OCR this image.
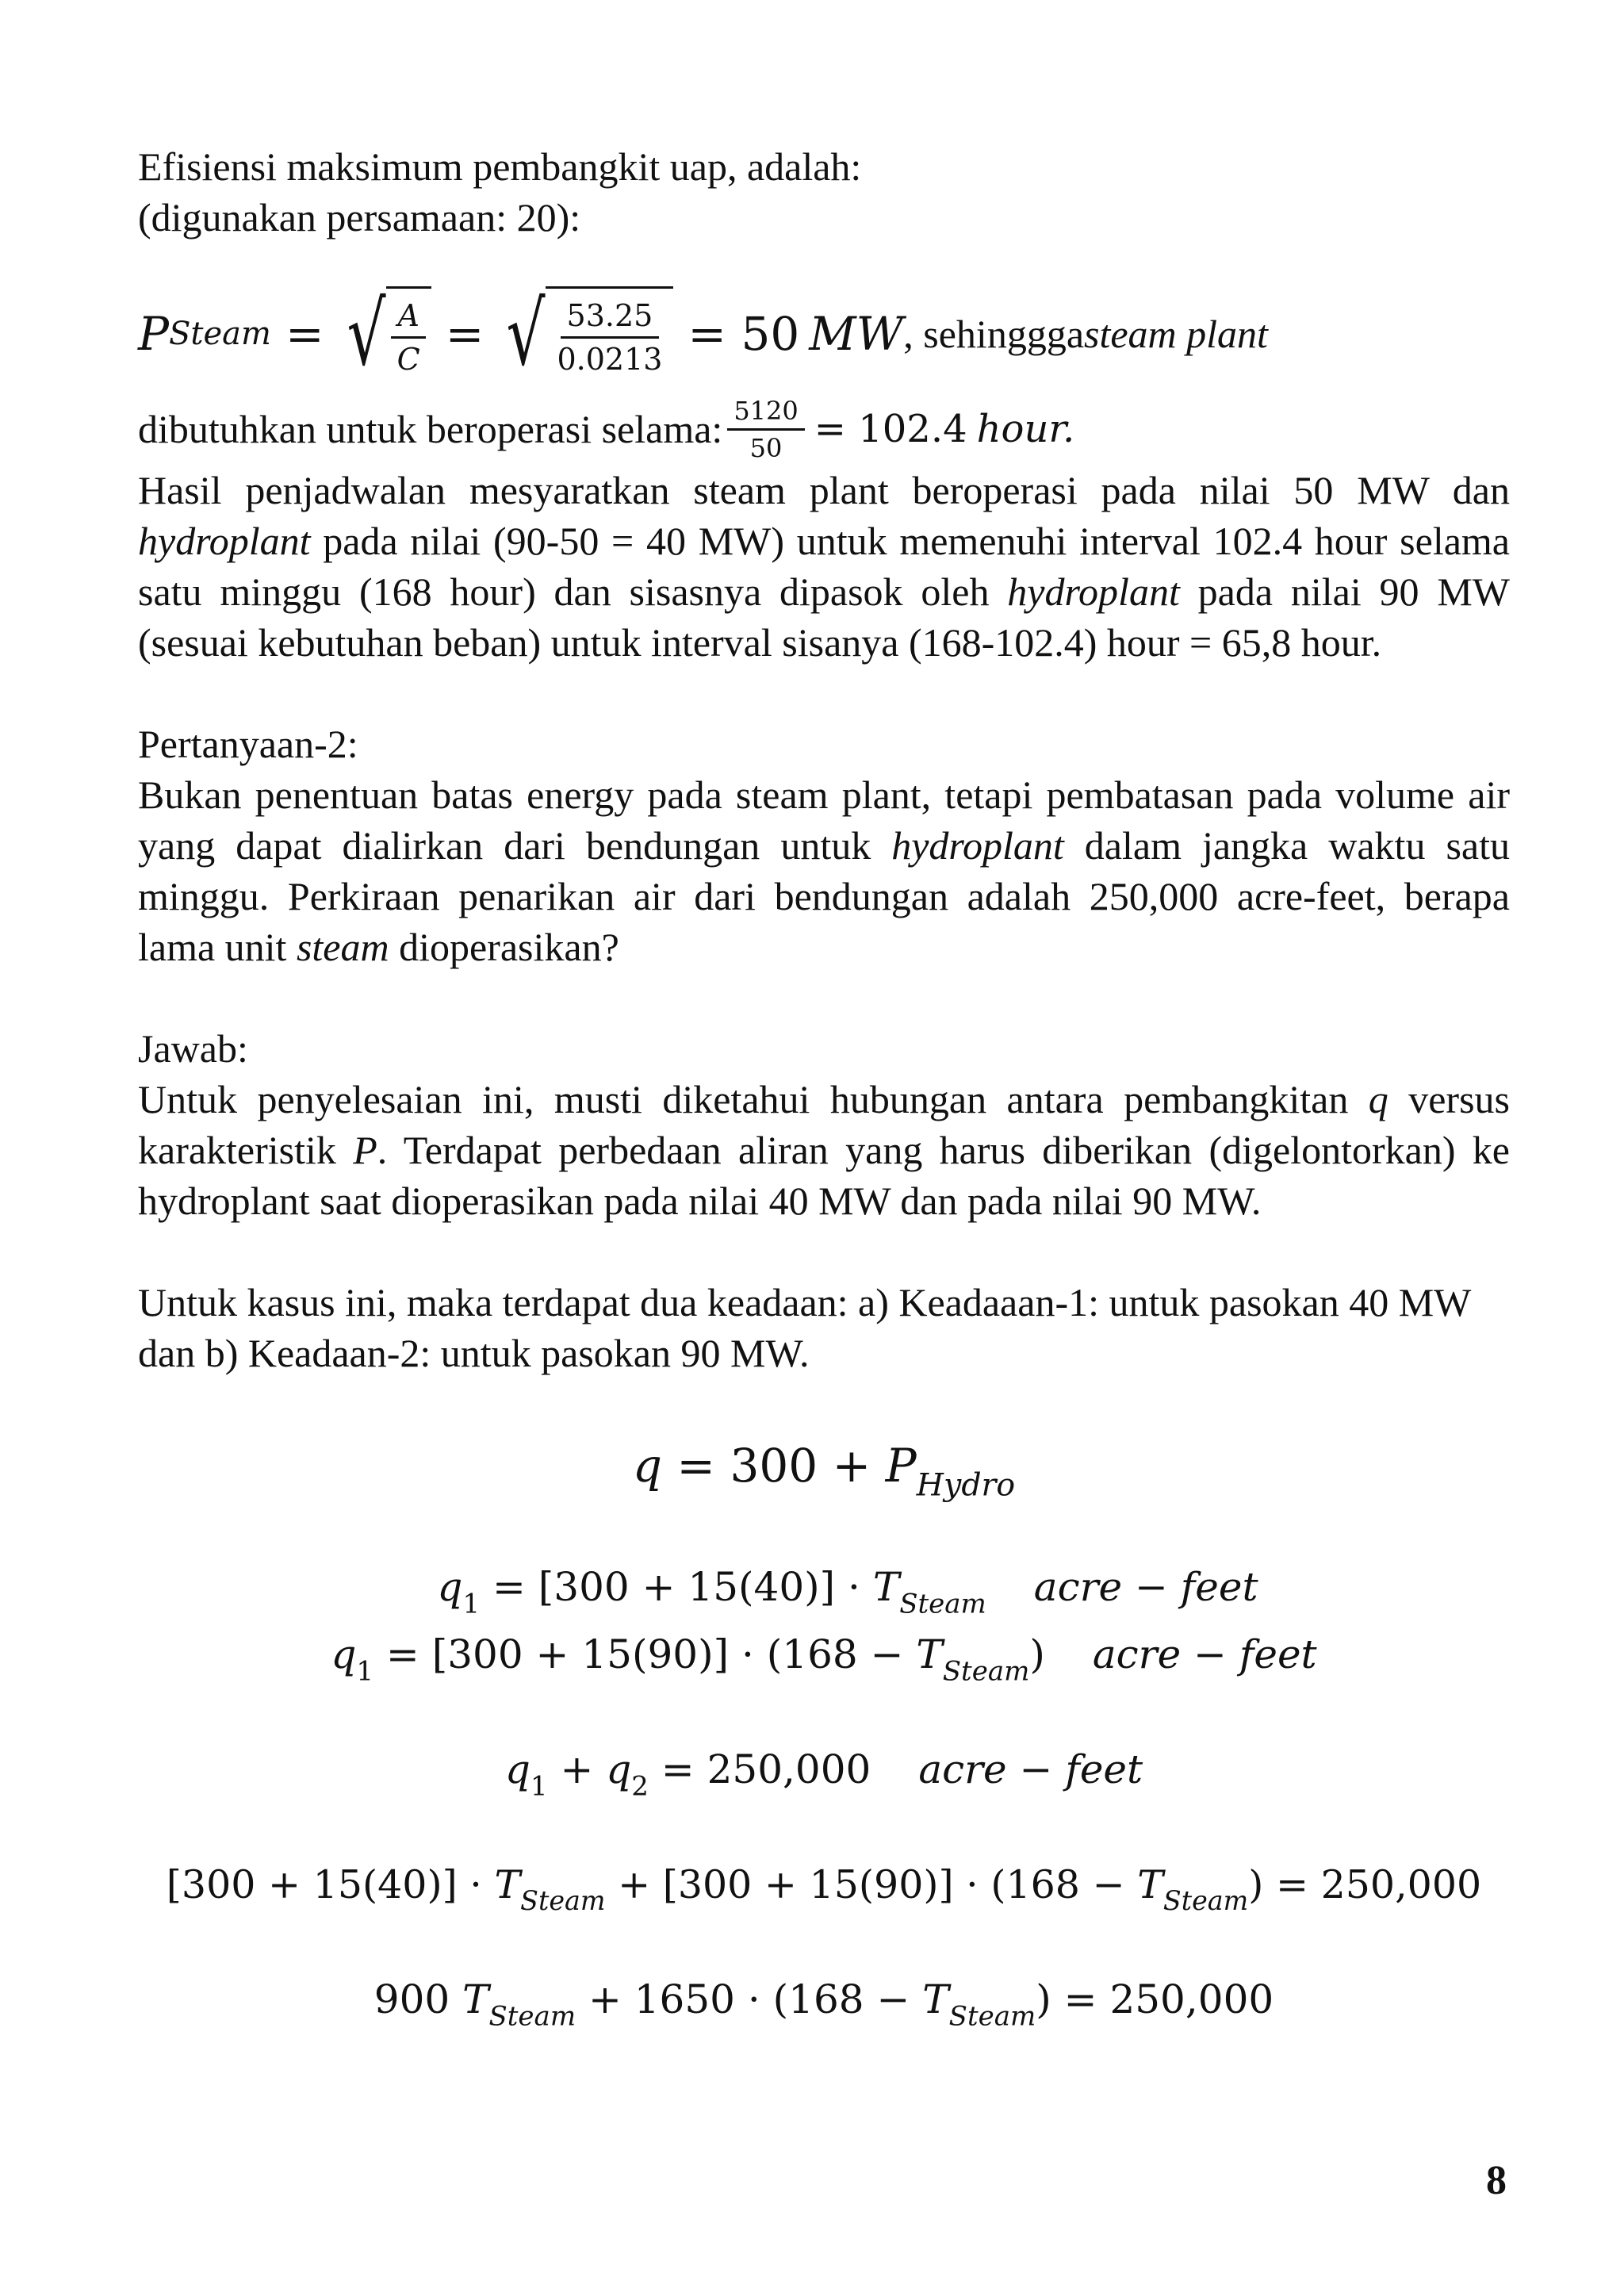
Efisiensi maksimum pembangkit uap, adalah:

(digunakan persamaan: 20):

P Steam = √ $\frac{A}{C}$ = √ $\frac{53.25}{0.0213} = 50$ MW , sehinggga steam plant

dibutuhkan untuk beroperasi selama: $\frac{5120}{50} = 102.4$ hour.

Hasil penjadwalan mesyaratkan steam plant beroperasi pada nilai 50 MW dan hydroplant pada nilai (90-50 = 40 MW) untuk memenuhi interval 102.4 hour selama satu minggu (168 hour) dan sisasnya dipasok oleh hydroplant pada nilai 90 MW (sesuai kebutuhan beban) untuk interval sisanya (168-102.4) hour = 65,8 hour.

Pertanyaan-2:

Bukan penentuan batas energy pada steam plant, tetapi pembatasan pada volume air yang dapat dialirkan dari bendungan untuk hydroplant dalam jangka waktu satu minggu. Perkiraan penarikan air dari bendungan adalah 250,000 acre-feet, berapa lama unit steam dioperasikan?

Jawab:

Untuk penyelesaian ini, musti diketahui hubungan antara pembangkitan q versus karakteristik P. Terdapat perbedaan aliran yang harus diberikan (digelontorkan) ke hydroplant saat dioperasikan pada nilai 40 MW dan pada nilai 90 MW.

Untuk kasus ini, maka terdapat dua keadaan: a) Keadaaan-1: untuk pasokan 40 MW dan b) Keadaan-2: untuk pasokan 90 MW.

$q = 300 + P_{Hydro}$

$q_1 = [300 + 15(40)] \cdot T_{Steam}$ acre − feet

$q_1 = [300 + 15(90)] \cdot (168 - T_{Steam})$ acre − feet

$q_1 + q_2 = 250,000$ acre − feet

$[300 + 15(40)] \cdot T_{Steam} + [300 + 15(90)] \cdot (168 - T_{Steam}) = 250,000$

900 $T_{Steam} + 1650 \cdot (168 - T_{Steam}) = 250,000$

8
